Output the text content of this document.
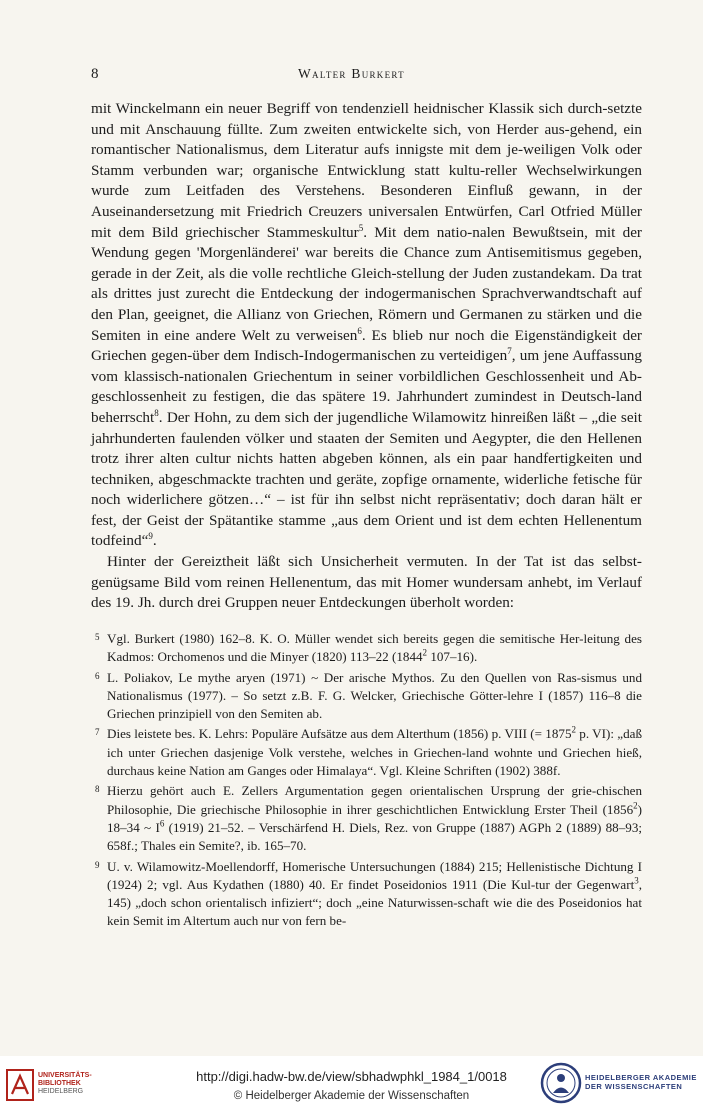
8	Walter Burkert

mit Winckelmann ein neuer Begriff von tendenziell heidnischer Klassik sich durch-setzte und mit Anschauung füllte. Zum zweiten entwickelte sich, von Herder aus-gehend, ein romantischer Nationalismus, dem Literatur aufs innigste mit dem je-weiligen Volk oder Stamm verbunden war; organische Entwicklung statt kultu-reller Wechselwirkungen wurde zum Leitfaden des Verstehens. Besonderen Einfluß gewann, in der Auseinandersetzung mit Friedrich Creuzers universalen Entwürfen, Carl Otfried Müller mit dem Bild griechischer Stammeskultur$^5$. Mit dem natio-nalen Bewußtsein, mit der Wendung gegen 'Morgenländerei' war bereits die Chance zum Antisemitismus gegeben, gerade in der Zeit, als die volle rechtliche Gleich-stellung der Juden zustandekam. Da trat als drittes just zurecht die Entdeckung der indogermanischen Sprachverwandtschaft auf den Plan, geeignet, die Allianz von Griechen, Römern und Germanen zu stärken und die Semiten in eine andere Welt zu verweisen$^6$. Es blieb nur noch die Eigenständigkeit der Griechen gegen-über dem Indisch-Indogermanischen zu verteidigen$^7$, um jene Auffassung vom klassisch-nationalen Griechentum in seiner vorbildlichen Geschlossenheit und Ab-geschlossenheit zu festigen, die das spätere 19. Jahrhundert zumindest in Deutsch-land beherrscht$^8$. Der Hohn, zu dem sich der jugendliche Wilamowitz hinreißen läßt – „die seit jahrhunderten faulenden völker und staaten der Semiten und Aegypter, die den Hellenen trotz ihrer alten cultur nichts hatten abgeben können, als ein paar handfertigkeiten und techniken, abgeschmackte trachten und geräte, zopfige ornamente, widerliche fetische für noch widerlichere götzen…“ – ist für ihn selbst nicht repräsentativ; doch daran hält er fest, der Geist der Spätantike stamme „aus dem Orient und ist dem echten Hellenentum todfeind“$^9$.

Hinter der Gereiztheit läßt sich Unsicherheit vermuten. In der Tat ist das selbst-genügsame Bild vom reinen Hellenentum, das mit Homer wundersam anhebt, im Verlauf des 19. Jh. durch drei Gruppen neuer Entdeckungen überholt worden:

5 Vgl. Burkert (1980) 162–8. K. O. Müller wendet sich bereits gegen die semitische Her-leitung des Kadmos: Orchomenos und die Minyer (1820) 113–22 (1844$^2$ 107–16).
6 L. Poliakov, Le mythe aryen (1971) ~ Der arische Mythos. Zu den Quellen von Ras-sismus und Nationalismus (1977). – So setzt z.B. F. G. Welcker, Griechische Götter-lehre I (1857) 116–8 die Griechen prinzipiell von den Semiten ab.
7 Dies leistete bes. K. Lehrs: Populäre Aufsätze aus dem Alterthum (1856) p. VIII (= $1875^2$ p. VI): „daß ich unter Griechen dasjenige Volk verstehe, welches in Griechen-land wohnte und Griechen hieß, durchaus keine Nation am Ganges oder Himalaya“. Vgl. Kleine Schriften (1902) 388f.
8 Hierzu gehört auch E. Zellers Argumentation gegen orientalischen Ursprung der grie-chischen Philosophie, Die griechische Philosophie in ihrer geschichtlichen Entwicklung Erster Theil (1856$^2$) 18–34 ~ $I^6$ (1919) 21–52. – Verschärfend H. Diels, Rez. von Gruppe (1887) AGPh 2 (1889) 88–93; 658f.; Thales ein Semite?, ib. 165–70.
9 U. v. Wilamowitz-Moellendorff, Homerische Untersuchungen (1884) 215; Hellenistische Dichtung I (1924) 2; vgl. Aus Kydathen (1880) 40. Er findet Poseidonios 1911 (Die Kul-tur der Gegenwart$^3$, 145) „doch schon orientalisch infiziert“; doch „eine Naturwissen-schaft wie die des Poseidonios hat kein Semit im Altertum auch nur von fern be-
UNIVERSITÄTS-
BIBLIOTHEK
HEIDELBERG
http://digi.hadw-bw.de/view/sbhadwphkl_1984_1/0018
© Heidelberger Akademie der Wissenschaften
HEIDELBERGER AKADEMIE
DER WISSENSCHAFTEN
